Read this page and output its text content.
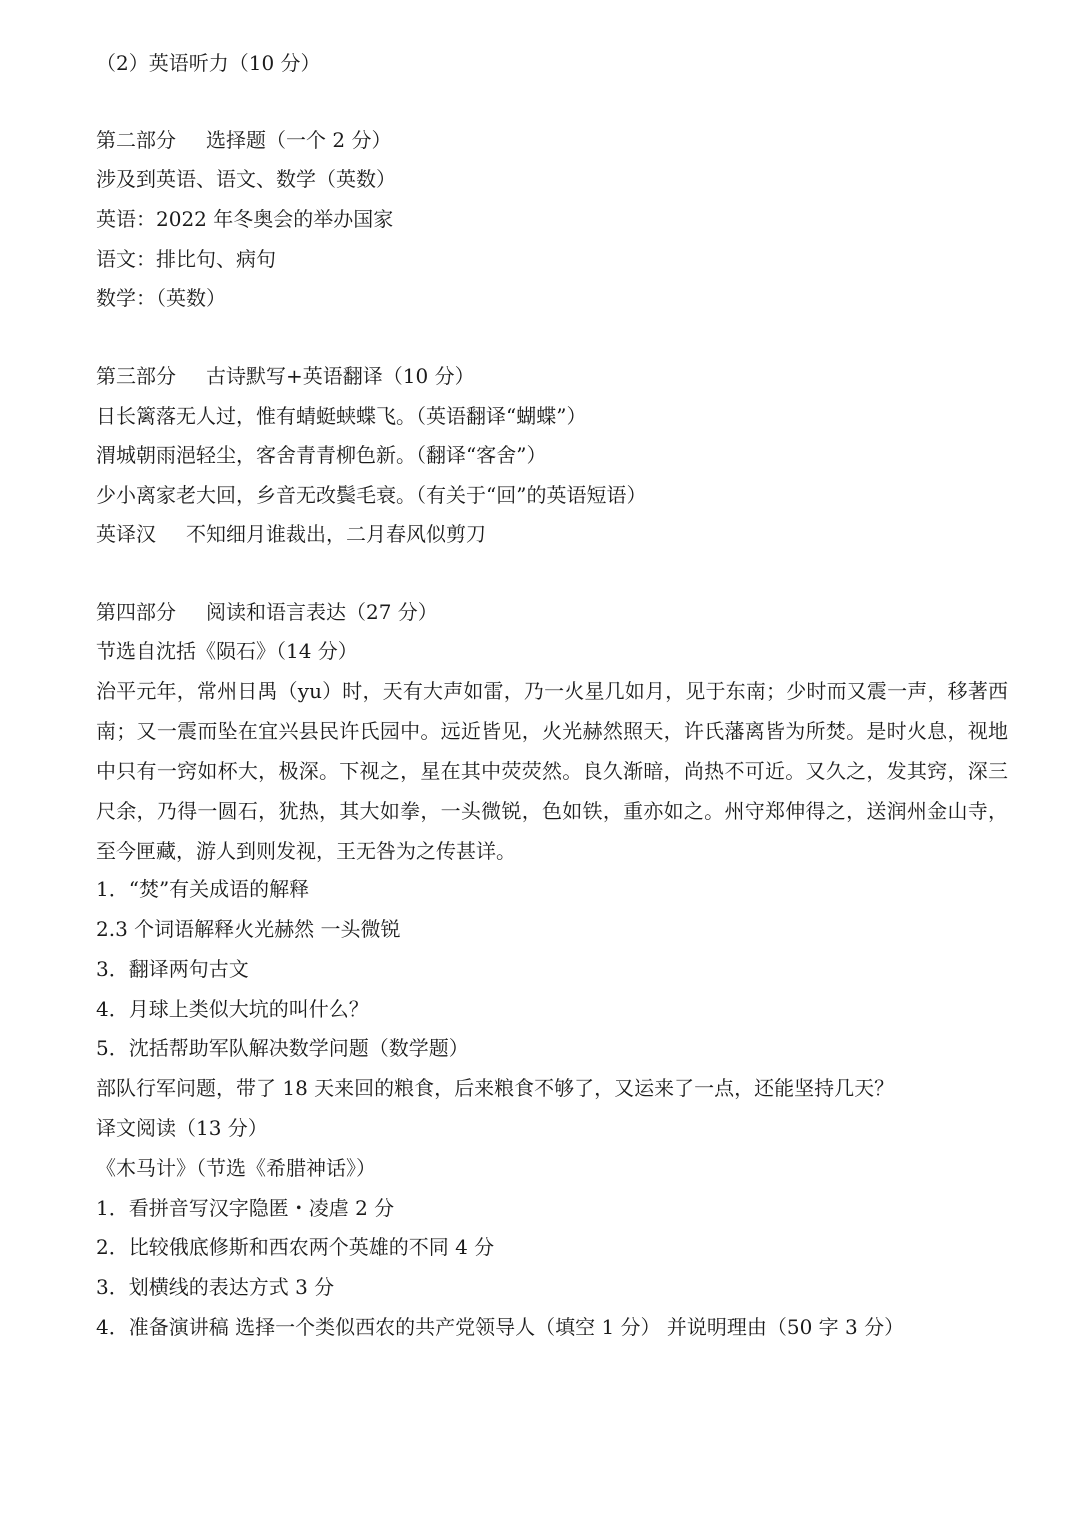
（2）英语听力（10 分）
第二部分 选择题（一个 2 分）
涉及到英语、语文、数学（英数）
英语：2022 年冬奥会的举办国家
语文：排比句、病句
数学：（英数）
第三部分 古诗默写+英语翻译（10 分）
日长篱落无人过，惟有蜻蜓蛱蝶飞。（英语翻译“蝴蝶”）
渭城朝雨浥轻尘，客舍青青柳色新。（翻译“客舍”）
少小离家老大回，乡音无改鬓毛衰。（有关于“回”的英语短语）
英译汉 不知细月谁裁出，二月春风似剪刀
第四部分 阅读和语言表达（27 分）
节选自沈括《陨石》（14 分）
治平元年，常州日禺（yu）时，天有大声如雷，乃一火星几如月，见于东南；少时而又震一声，移著西南；又一震而坠在宜兴县民许氏园中。远近皆见，火光赫然照天，许氏藩离皆为所焚。是时火息，视地中只有一窍如杯大，极深。下视之，星在其中荧荧然。良久渐暗，尚热不可近。又久之，发其窍，深三尺余，乃得一圆石，犹热，其大如拳，一头微锐，色如铁，重亦如之。州守郑伸得之，送润州金山寺，至今匣藏，游人到则发视，王无咎为之传甚详。
1．“焚”有关成语的解释
2.3 个词语解释火光赫然 一头微锐
3．翻译两句古文
4．月球上类似大坑的叫什么？
5．沈括帮助军队解决数学问题（数学题）
部队行军问题，带了 18 天来回的粮食，后来粮食不够了，又运来了一点，还能坚持几天？
译文阅读（13 分）
《木马计》（节选《希腊神话》）
1．看拼音写汉字隐匿・凌虐 2 分
2．比较俄底修斯和西农两个英雄的不同 4 分
3．划横线的表达方式 3 分
4．准备演讲稿 选择一个类似西农的共产党领导人（填空 1 分） 并说明理由（50 字 3 分）
